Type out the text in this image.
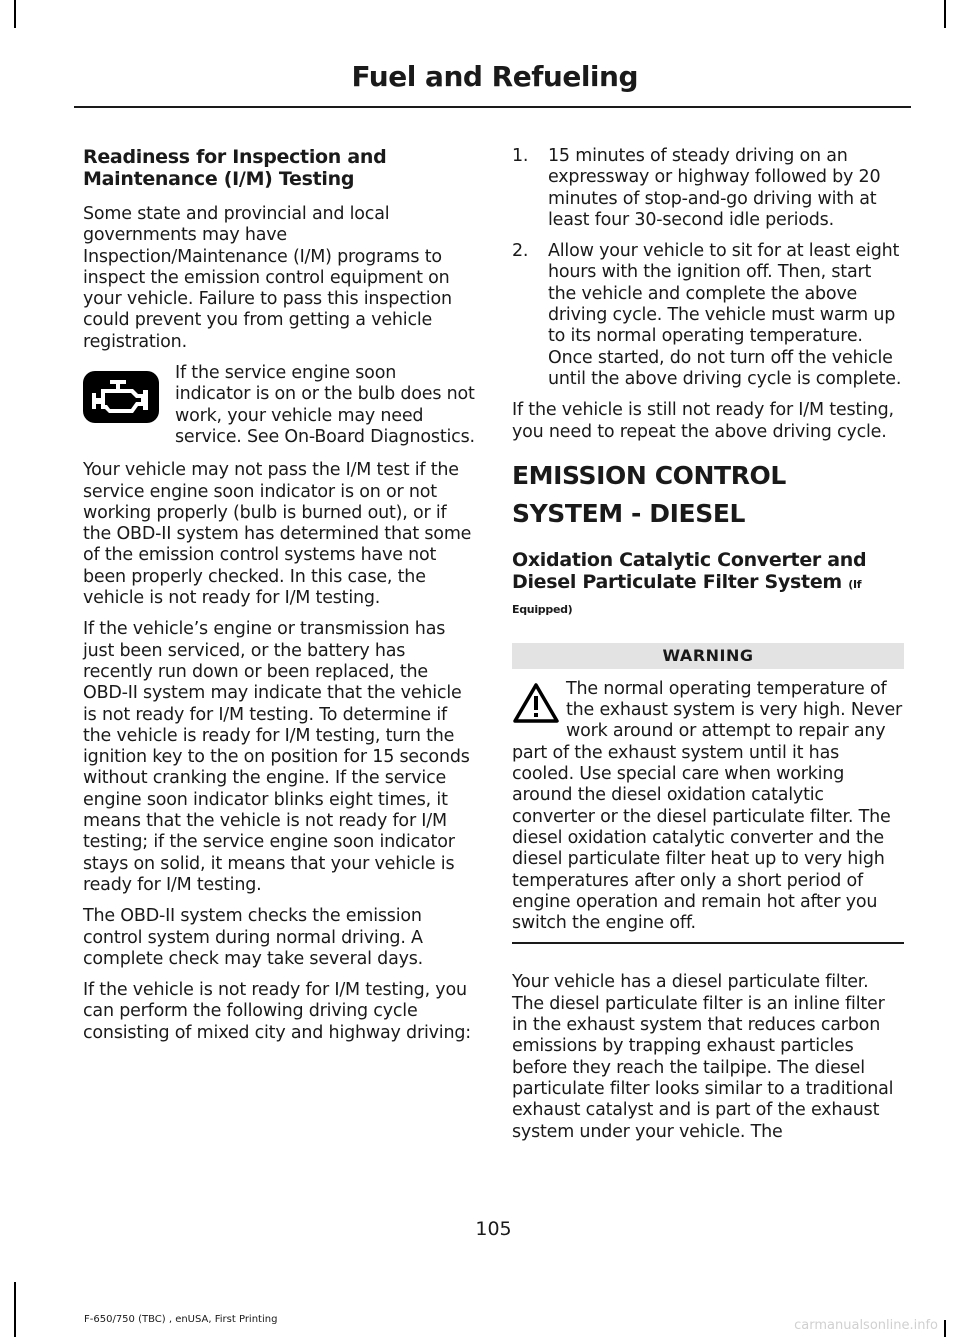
Fuel and Refueling
Readiness for Inspection and Maintenance (I/M) Testing

Some state and provincial and local governments may have Inspection/Maintenance (I/M) programs to inspect the emission control equipment on your vehicle. Failure to pass this inspection could prevent you from getting a vehicle registration.

If the service engine soon indicator is on or the bulb does not work, your vehicle may need service. See On-Board Diagnostics.

Your vehicle may not pass the I/M test if the service engine soon indicator is on or not working properly (bulb is burned out), or if the OBD-II system has determined that some of the emission control systems have not been properly checked. In this case, the vehicle is not ready for I/M testing.

If the vehicle’s engine or transmission has just been serviced, or the battery has recently run down or been replaced, the OBD-II system may indicate that the vehicle is not ready for I/M testing. To determine if the vehicle is ready for I/M testing, turn the ignition key to the on position for 15 seconds without cranking the engine. If the service engine soon indicator blinks eight times, it means that the vehicle is not ready for I/M testing; if the service engine soon indicator stays on solid, it means that your vehicle is ready for I/M testing.

The OBD-II system checks the emission control system during normal driving. A complete check may take several days.

If the vehicle is not ready for I/M testing, you can perform the following driving cycle consisting of mixed city and highway driving:

1.	15 minutes of steady driving on an expressway or highway followed by 20 minutes of stop-and-go driving with at least four 30-second idle periods.
2.	Allow your vehicle to sit for at least eight hours with the ignition off. Then, start the vehicle and complete the above driving cycle. The vehicle must warm up to its normal operating temperature. Once started, do not turn off the vehicle until the above driving cycle is complete.

If the vehicle is still not ready for I/M testing, you need to repeat the above driving cycle.

EMISSION CONTROL SYSTEM - DIESEL
Oxidation Catalytic Converter and Diesel Particulate Filter System (If Equipped)
WARNING

The normal operating temperature of the exhaust system is very high. Never work around or attempt to repair any part of the exhaust system until it has cooled. Use special care when working around the diesel oxidation catalytic converter or the diesel particulate filter. The diesel oxidation catalytic converter and the diesel particulate filter heat up to very high temperatures after only a short period of engine operation and remain hot after you switch the engine off.

Your vehicle has a diesel particulate filter. The diesel particulate filter is an inline filter in the exhaust system that reduces carbon emissions by trapping exhaust particles before they reach the tailpipe. The diesel particulate filter looks similar to a traditional exhaust catalyst and is part of the exhaust system under your vehicle. The

105
F-650/750 (TBC) , enUSA, First Printing	carmanualsonline.info
